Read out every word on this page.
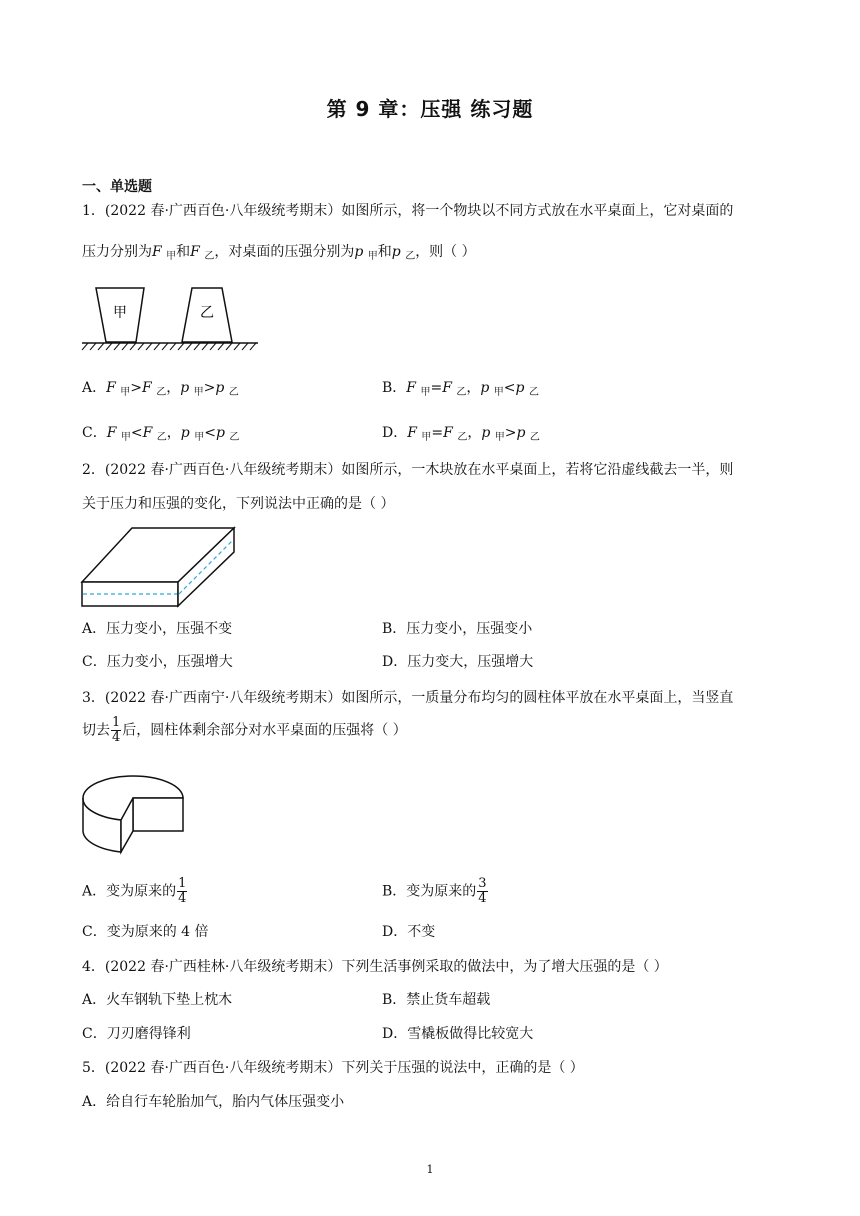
第 9 章：压强 练习题
一、单选题
1．(2022 春·广西百色·八年级统考期末）如图所示，将一个物块以不同方式放在水平桌面上，它对桌面的
压力分别为F $_甲$和F $_乙$，对桌面的压强分别为p $_甲$和p $_乙$，则（ ）
甲	乙
A．F $_甲$>F $_乙$，p $_甲$>p $_乙$	B．F $_甲$=F $_乙$，p $_甲$<p $_乙$
C．F $_甲$<F $_乙$，p $_甲$<p $_乙$	D．F $_甲$=F $_乙$，p $_甲$>p $_乙$
2．(2022 春·广西百色·八年级统考期末）如图所示，一木块放在水平桌面上，若将它沿虚线截去一半，则
关于压力和压强的变化，下列说法中正确的是（ ）
A．压力变小，压强不变	B．压力变小，压强变小
C．压力变小，压强增大	D．压力变大，压强增大
3．(2022 春·广西南宁·八年级统考期末）如图所示，一质量分布均匀的圆柱体平放在水平桌面上，当竖直
切去 $\frac{1}{4}$ 后，圆柱体剩余部分对水平桌面的压强将（ ）
A．变为原来的 $\frac{1}{4}$	B．变为原来的 $\frac{3}{4}$
C．变为原来的 4 倍	D．不变
4．(2022 春·广西桂林·八年级统考期末）下列生活事例采取的做法中，为了增大压强的是（ ）
A．火车钢轨下垫上枕木	B．禁止货车超载
C．刀刃磨得锋利	D．雪橇板做得比较宽大
5．(2022 春·广西百色·八年级统考期末）下列关于压强的说法中，正确的是（ ）
A．给自行车轮胎加气，胎内气体压强变小
1
